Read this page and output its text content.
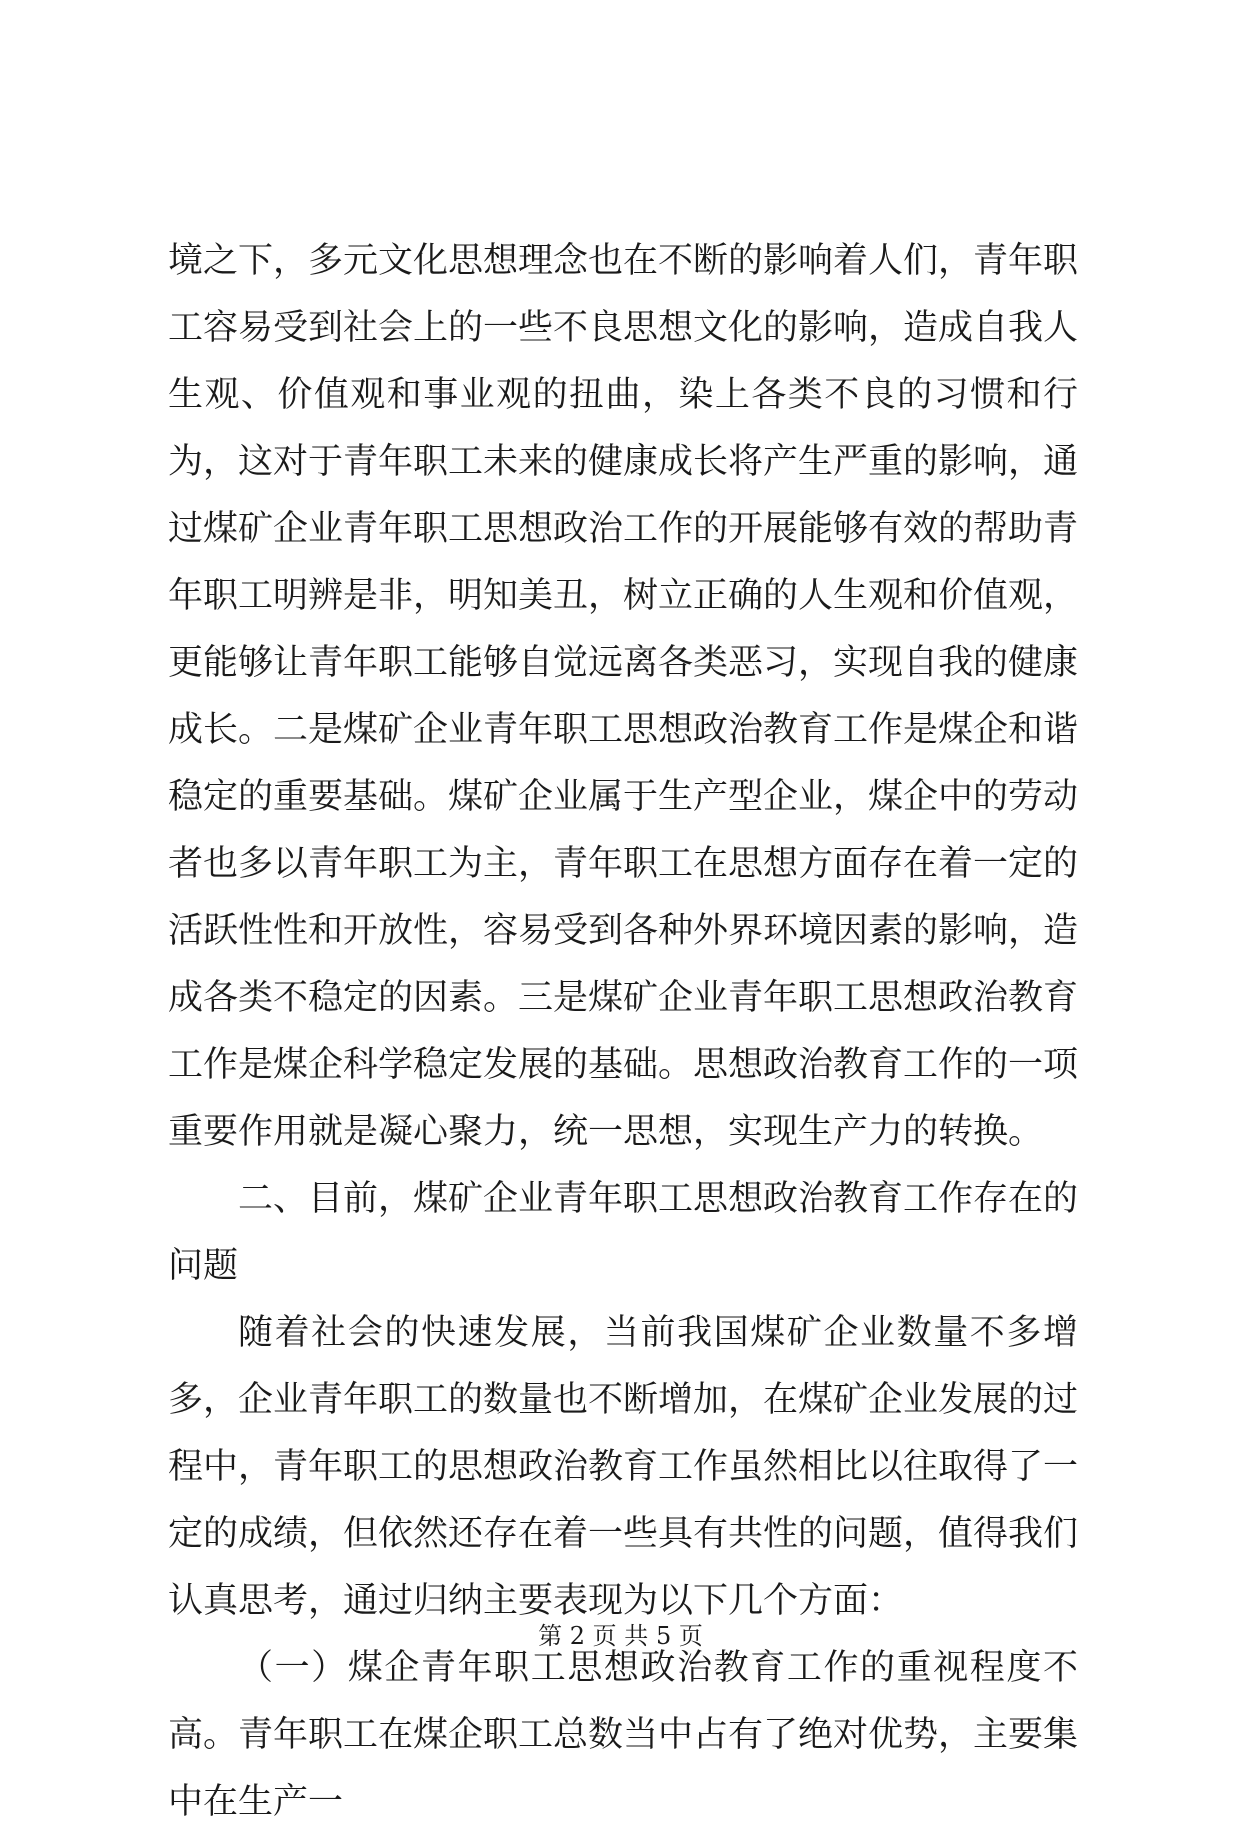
境之下，多元文化思想理念也在不断的影响着人们，青年职工容易受到社会上的一些不良思想文化的影响，造成自我人生观、价值观和事业观的扭曲，染上各类不良的习惯和行为，这对于青年职工未来的健康成长将产生严重的影响，通过煤矿企业青年职工思想政治工作的开展能够有效的帮助青年职工明辨是非，明知美丑，树立正确的人生观和价值观，更能够让青年职工能够自觉远离各类恶习，实现自我的健康成长。二是煤矿企业青年职工思想政治教育工作是煤企和谐稳定的重要基础。煤矿企业属于生产型企业，煤企中的劳动者也多以青年职工为主，青年职工在思想方面存在着一定的活跃性性和开放性，容易受到各种外界环境因素的影响，造成各类不稳定的因素。三是煤矿企业青年职工思想政治教育工作是煤企科学稳定发展的基础。思想政治教育工作的一项重要作用就是凝心聚力，统一思想，实现生产力的转换。

二、目前，煤矿企业青年职工思想政治教育工作存在的问题

随着社会的快速发展，当前我国煤矿企业数量不多增多，企业青年职工的数量也不断增加，在煤矿企业发展的过程中，青年职工的思想政治教育工作虽然相比以往取得了一定的成绩，但依然还存在着一些具有共性的问题，值得我们认真思考，通过归纳主要表现为以下几个方面：

（一）煤企青年职工思想政治教育工作的重视程度不高。青年职工在煤企职工总数当中占有了绝对优势，主要集中在生产一

第 2 页 共 5 页
